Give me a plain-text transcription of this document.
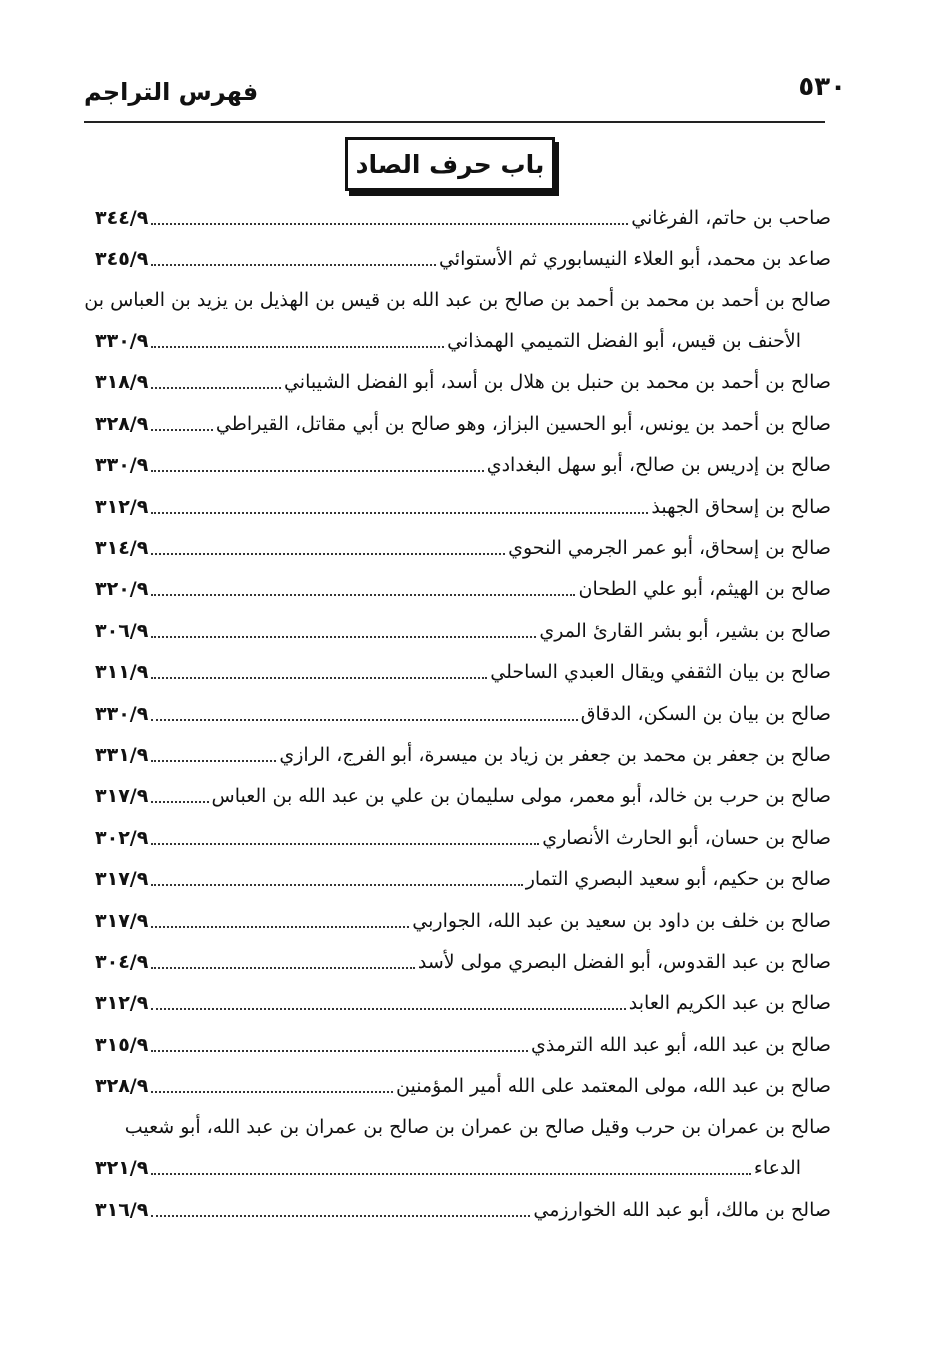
فهرس التراجم	٥٣٠
باب حرف الصاد
صاحب بن حاتم، الفرغاني
٣٤٤/٩
صاعد بن محمد، أبو العلاء النيسابوري ثم الأستوائي
٣٤٥/٩
صالح بن أحمد بن محمد بن أحمد بن صالح بن عبد الله بن قيس بن الهذيل بن يزيد بن العباس بن
الأحنف بن قيس، أبو الفضل التميمي الهمذاني
٣٣٠/٩
صالح بن أحمد بن محمد بن حنبل بن هلال بن أسد، أبو الفضل الشيباني
٣١٨/٩
صالح بن أحمد بن يونس، أبو الحسين البزاز، وهو صالح بن أبي مقاتل، القيراطي
٣٢٨/٩
صالح بن إدريس بن صالح، أبو سهل البغدادي
٣٣٠/٩
صالح بن إسحاق الجهبذ
٣١٢/٩
صالح بن إسحاق، أبو عمر الجرمي النحوي
٣١٤/٩
صالح بن الهيثم، أبو علي الطحان
٣٢٠/٩
صالح بن بشير، أبو بشر القارئ المري
٣٠٦/٩
صالح بن بيان الثقفي ويقال العبدي الساحلي
٣١١/٩
صالح بن بيان بن السكن، الدقاق
٣٣٠/٩
صالح بن جعفر بن محمد بن جعفر بن زياد بن ميسرة، أبو الفرج، الرازي
٣٣١/٩
صالح بن حرب بن خالد، أبو معمر، مولى سليمان بن علي بن عبد الله بن العباس
٣١٧/٩
صالح بن حسان، أبو الحارث الأنصاري
٣٠٢/٩
صالح بن حكيم، أبو سعيد البصري التمار
٣١٧/٩
صالح بن خلف بن داود بن سعيد بن عبد الله، الجواربي
٣١٧/٩
صالح بن عبد القدوس، أبو الفضل البصري مولى لأسد
٣٠٤/٩
صالح بن عبد الكريم العابد
٣١٢/٩
صالح بن عبد الله، أبو عبد الله الترمذي
٣١٥/٩
صالح بن عبد الله، مولى المعتمد على الله أمير المؤمنين
٣٢٨/٩
صالح بن عمران بن حرب وقيل صالح بن عمران بن صالح بن عمران بن عبد الله، أبو شعيب
الدعاء
٣٢١/٩
صالح بن مالك، أبو عبد الله الخوارزمي
٣١٦/٩
